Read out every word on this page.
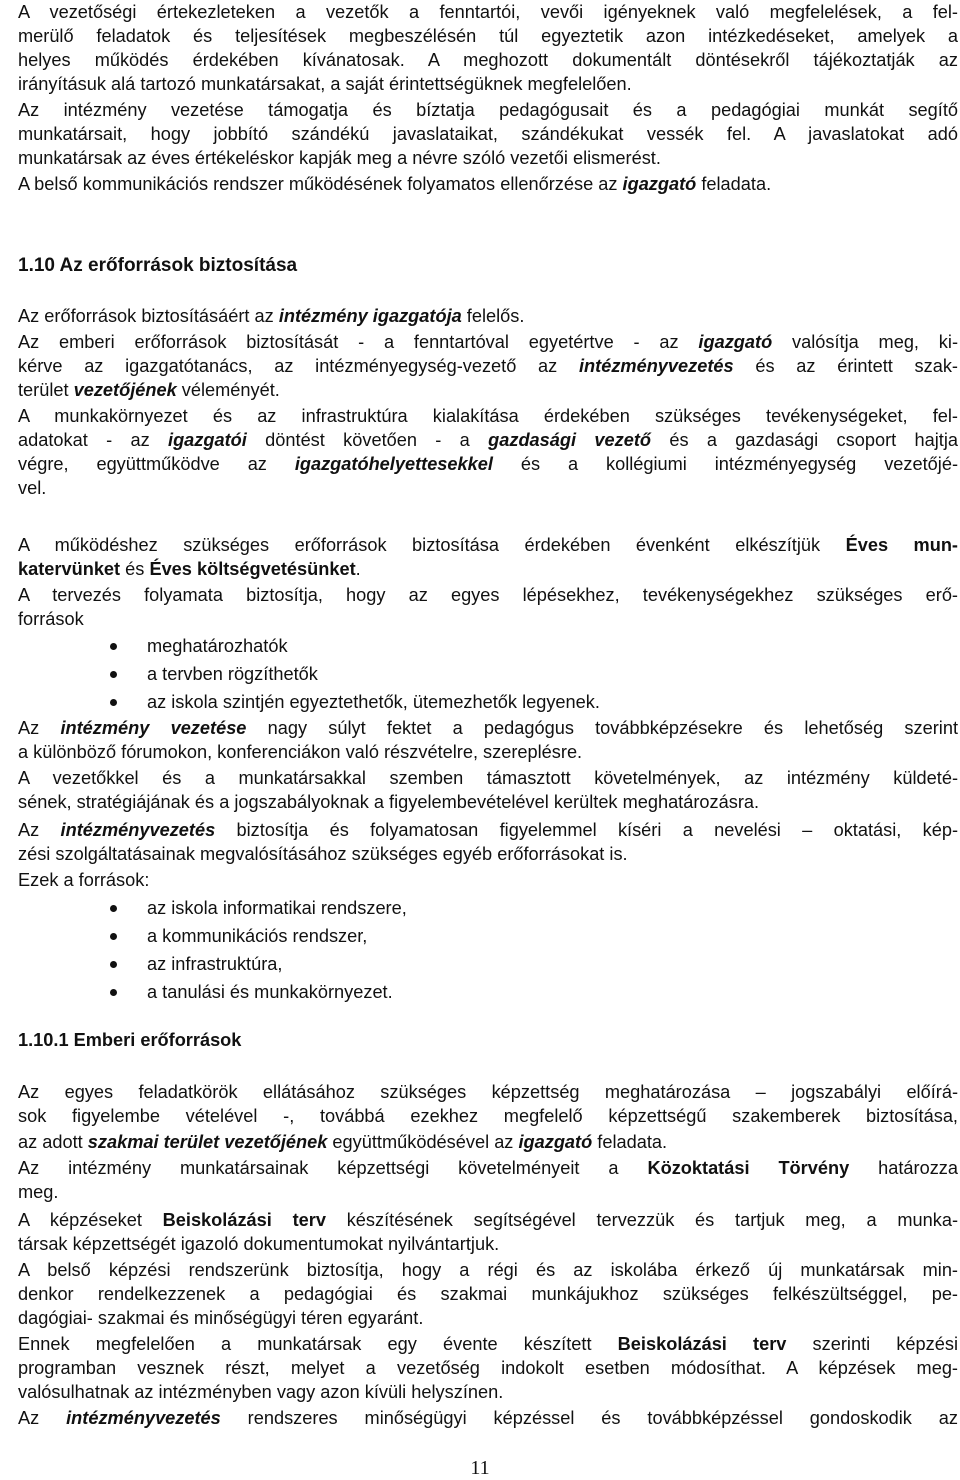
A vezetőségi értekezleteken a vezetők a fenntartói, vevői igényeknek való megfelelések, a fel-
merülő feladatok és teljesítések megbeszélésén túl egyeztetik azon intézkedéseket, amelyek a
helyes működés érdekében kívánatosak. A meghozott dokumentált döntésekről tájékoztatják az
irányításuk alá tartozó munkatársakat, a saját érintettségüknek megfelelően.
Az intézmény vezetése támogatja és bíztatja pedagógusait és a pedagógiai munkát segítő
munkatársait, hogy jobbító szándékú javaslataikat, szándékukat vessék fel. A javaslatokat adó
munkatársak az éves értékeléskor kapják meg a névre szóló vezetői elismerést.
A belső kommunikációs rendszer működésének folyamatos ellenőrzése az igazgató feladata.
1.10 Az erőforrások biztosítása
Az erőforrások biztosításáért az intézmény igazgatója felelős.
Az emberi erőforrások biztosítását - a fenntartóval egyetértve - az igazgató valósítja meg, ki-
kérve az igazgatótanács, az intézményegység-vezető az intézményvezetés és az érintett szak-
terület vezetőjének véleményét.
A munkakörnyezet és az infrastruktúra kialakítása érdekében szükséges tevékenységeket, fel-
adatokat - az igazgatói döntést követően - a gazdasági vezető és a gazdasági csoport hajtja
végre, együttműködve az igazgatóhelyettesekkel és a kollégiumi intézményegység vezetőjé-
vel.
A működéshez szükséges erőforrások biztosítása érdekében évenként elkészítjük Éves mun-
katervünket és Éves költségvetésünket.
A tervezés folyamata biztosítja, hogy az egyes lépésekhez, tevékenységekhez szükséges erő-
források
meghatározhatók
a tervben rögzíthetők
az iskola szintjén egyeztethetők, ütemezhetők legyenek.
Az intézmény vezetése nagy súlyt fektet a pedagógus továbbképzésekre és lehetőség szerint
a különböző fórumokon, konferenciákon való részvételre, szereplésre.
A vezetőkkel és a munkatársakkal szemben támasztott követelmények, az intézmény küldeté-
sének, stratégiájának és a jogszabályoknak a figyelembevételével kerültek meghatározásra.
Az intézményvezetés biztosítja és folyamatosan figyelemmel kíséri a nevelési – oktatási, kép-
zési szolgáltatásainak megvalósításához szükséges egyéb erőforrásokat is.
Ezek a források:
az iskola informatikai rendszere,
a kommunikációs rendszer,
az infrastruktúra,
a tanulási és munkakörnyezet.
1.10.1 Emberi erőforrások
Az egyes feladatkörök ellátásához szükséges képzettség meghatározása – jogszabályi előírá-
sok figyelembe vételével -, továbbá ezekhez megfelelő képzettségű szakemberek biztosítása,
az adott szakmai terület vezetőjének együttműködésével az igazgató feladata.
Az intézmény munkatársainak képzettségi követelményeit a Közoktatási Törvény határozza
meg.
A képzéseket Beiskolázási terv készítésének segítségével tervezzük és tartjuk meg, a munka-
társak képzettségét igazoló dokumentumokat nyilvántartjuk.
A belső képzési rendszerünk biztosítja, hogy a régi és az iskolába érkező új munkatársak min-
denkor rendelkezzenek a pedagógiai és szakmai munkájukhoz szükséges felkészültséggel, pe-
dagógiai- szakmai és minőségügyi téren egyaránt.
Ennek megfelelően a munkatársak egy évente készített Beiskolázási terv szerinti képzési
programban vesznek részt, melyet a vezetőség indokolt esetben módosíthat. A képzések meg-
valósulhatnak az intézményben vagy azon kívüli helyszínen.
Az intézményvezetés rendszeres minőségügyi képzéssel és továbbképzéssel gondoskodik az
11
